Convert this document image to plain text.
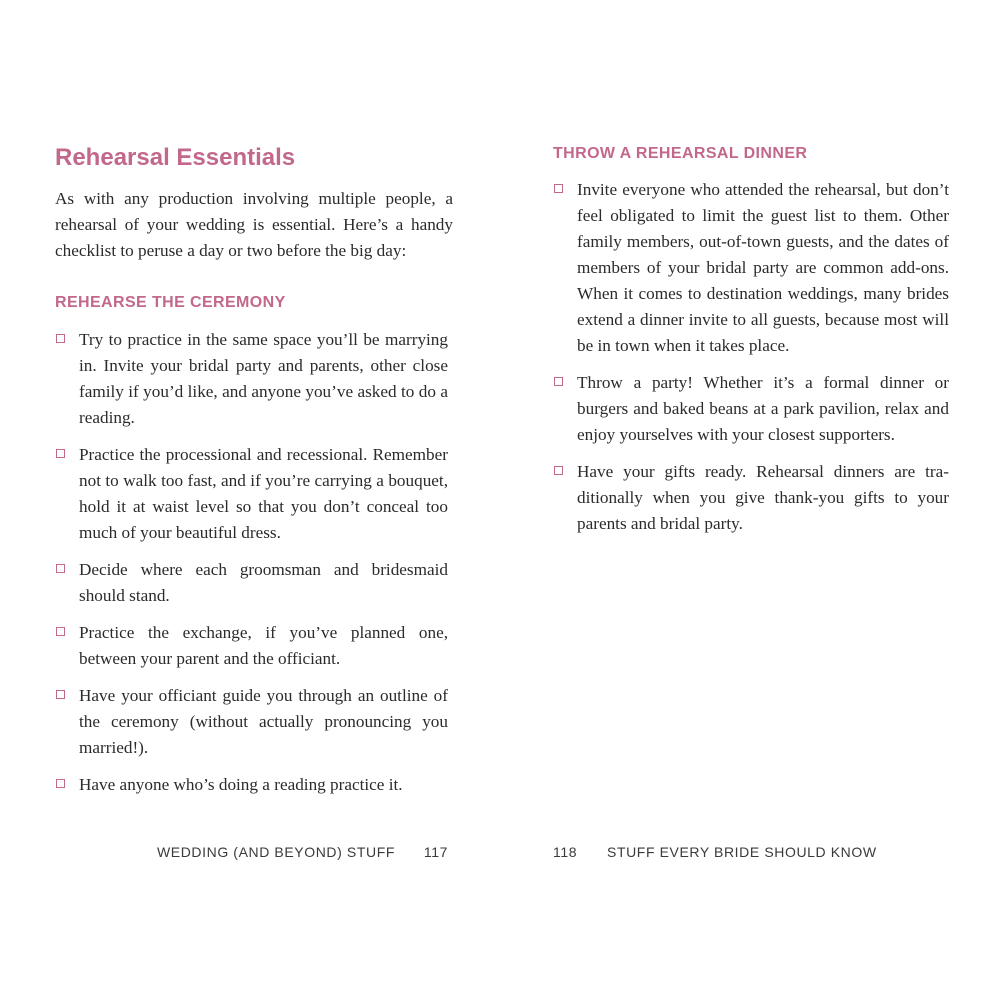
Rehearsal Essentials

As with any production involving multiple people, a rehearsal of your wedding is essential. Here’s a handy checklist to peruse a day or two before the big day:

REHEARSE THE CEREMONY
Try to practice in the same space you’ll be marrying in. Invite your bridal party and parents, other close family if you’d like, and anyone you’ve asked to do a reading.
Practice the processional and recessional. Remember not to walk too fast, and if you’re carrying a bouquet, hold it at waist level so that you don’t conceal too much of your beautiful dress.
Decide where each groomsman and bridesmaid should stand.
Practice the exchange, if you’ve planned one, between your parent and the officiant.
Have your officiant guide you through an outline of the ceremony (without actually pronouncing you married!).
Have anyone who’s doing a reading practice it.
WEDDING (AND BEYOND) STUFF 117
THROW A REHEARSAL DINNER
Invite everyone who attended the rehearsal, but don’t feel obligated to limit the guest list to them. Other family members, out-of-town guests, and the dates of members of your bridal party are common add-ons. When it comes to destination weddings, many brides extend a dinner invite to all guests, because most will be in town when it takes place.
Throw a party! Whether it’s a formal dinner or burgers and baked beans at a park pavilion, relax and enjoy yourselves with your closest supporters.
Have your gifts ready. Rehearsal dinners are traditionally when you give thank-you gifts to your parents and bridal party.
118 STUFF EVERY BRIDE SHOULD KNOW
